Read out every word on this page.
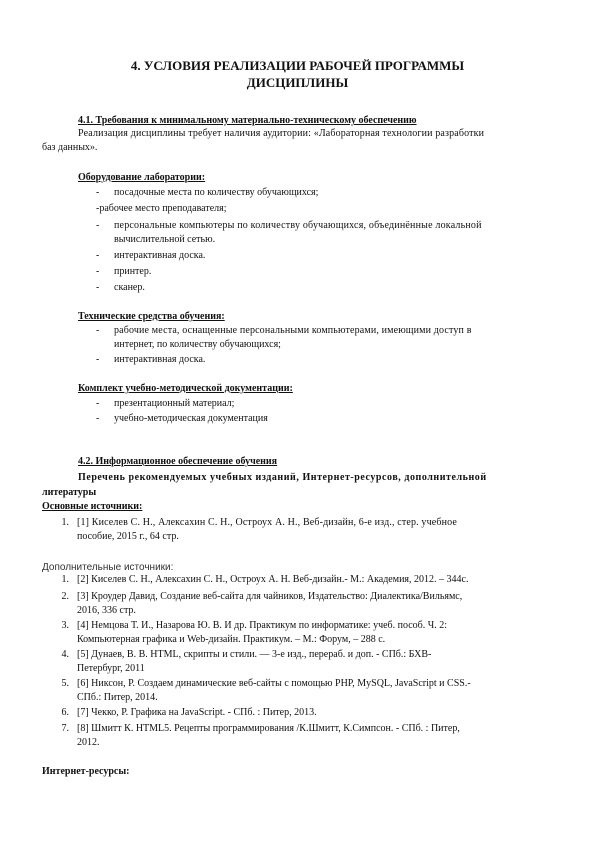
4. УСЛОВИЯ РЕАЛИЗАЦИИ РАБОЧЕЙ ПРОГРАММЫ
ДИСЦИПЛИНЫ
4.1. Требования к минимальному материально-техническому обеспечению
Реализация дисциплины требует наличия аудитории: «Лабораторная технологии разработки
баз данных».
Оборудование лаборатории:
- посадочные места по количеству обучающихся;
-рабочее место преподавателя;
- персональные компьютеры по количеству обучающихся, объединённые локальной
вычислительной сетью.
- интерактивная доска.
- принтер.
- сканер.
Технические средства обучения:
- рабочие места, оснащенные персональными компьютерами, имеющими доступ в
интернет, по количеству обучающихся;
- интерактивная доска.
Комплект учебно-методической документации:
- презентационный материал;
- учебно-методическая документация
4.2. Информационное обеспечение обучения
Перечень рекомендуемых учебных изданий, Интернет-ресурсов, дополнительной
литературы
Основные источники:
1. [1] Киселев С. Н., Алексахин С. Н., Остроух А. Н., Веб-дизайн, 6-е изд., стер. учебное
пособие, 2015 г., 64 стр.
Дополнительные источники:
1. [2] Киселев С. Н., Алексахин С. Н., Остроух А. Н. Веб-дизайн.- М.: Академия, 2012. – 344с.
2. [3] Кроудер Давид, Создание веб-сайта для чайников, Издательство: Диалектика/Вильямс,
2016, 336 стр.
3. [4] Немцова Т. И., Назарова Ю. В. И др. Практикум по информатике: учеб. пособ. Ч. 2:
Компьютерная графика и Web-дизайн. Практикум. – М.: Форум, – 288 с.
4. [5] Дунаев, В. В. HTML, скрипты и стили. — 3-е изд., перераб. и доп. - СПб.: БХВ-
Петербург, 2011
5. [6] Никсон, Р. Создаем динамические веб-сайты с помощью PHP, MySQL, JavaScript и CSS.-
СПб.: Питер, 2014.
6. [7] Чекко, Р. Графика на JavaScript. - СПб. : Питер, 2013.
7. [8] Шмитт К. HTML5. Рецепты программирования /К.Шмитт, К.Симпсон. - СПб. : Питер,
2012.
Интернет-ресурсы:
